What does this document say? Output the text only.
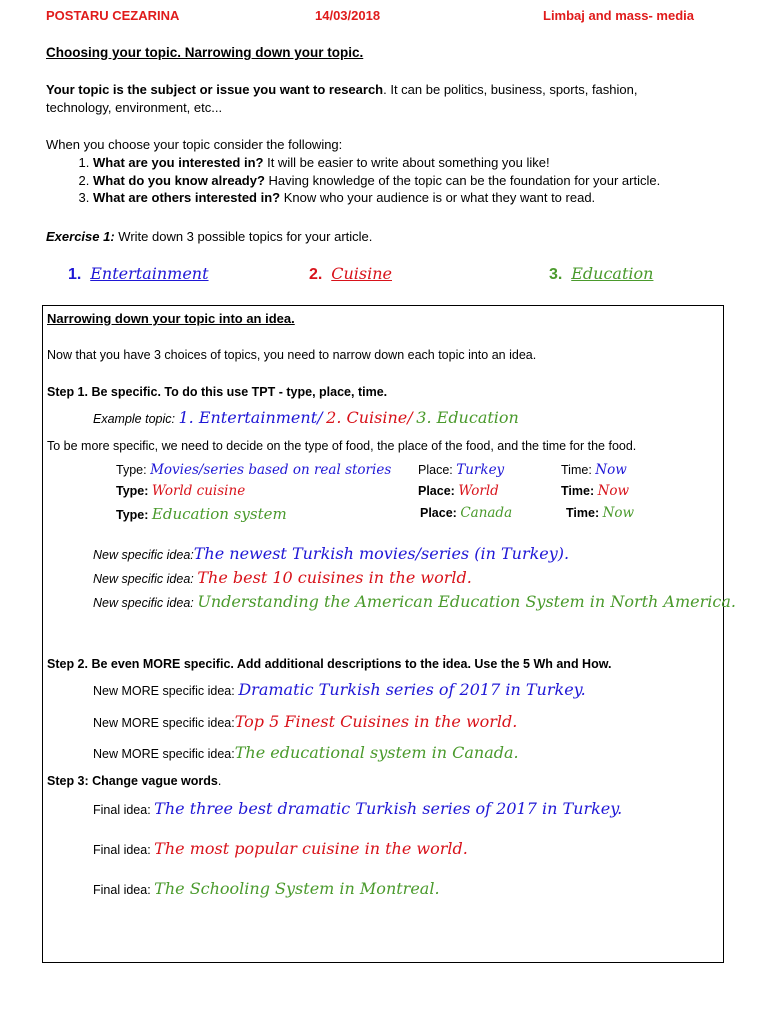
POSTARU CEZARINA	14/03/2018	Limbaj and mass- media
Choosing your topic. Narrowing down your topic.
Your topic is the subject or issue you want to research. It can be politics, business, sports, fashion,
technology, environment, etc...
When you choose your topic consider the following:
1. What are you interested in? It will be easier to write about something you like!
2. What do you know already? Having knowledge of the topic can be the foundation for your article.
3. What are others interested in? Know who your audience is or what they want to read.
Exercise 1: Write down 3 possible topics for your article.
1. Entertainment	2. Cuisine	3. Education
Narrowing down your topic into an idea.
Now that you have 3 choices of topics, you need to narrow down each topic into an idea.
Step 1. Be specific. To do this use TPT - type, place, time.
Example topic: 1. Entertainment/ 2. Cuisine/ 3. Education
To be more specific, we need to decide on the type of food, the place of the food, and the time for the food.
Type: Movies/series based on real stories Place: Turkey	Time: Now
Type: World cuisine	Place: World	Time: Now
Type: Education system	Place: Canada	Time: Now
New specific idea:The newest Turkish movies/series (in Turkey).
New specific idea: The best 10 cuisines in the world.
New specific idea: Understanding the American Education System in North America.
Step 2. Be even MORE specific. Add additional descriptions to the idea. Use the 5 Wh and How.
New MORE specific idea: Dramatic Turkish series of 2017 in Turkey.
New MORE specific idea:Top 5 Finest Cuisines in the world.
New MORE specific idea:The educational system in Canada.
Step 3: Change vague words.
Final idea: The three best dramatic Turkish series of 2017 in Turkey.
Final idea: The most popular cuisine in the world.
Final idea: The Schooling System in Montreal.
